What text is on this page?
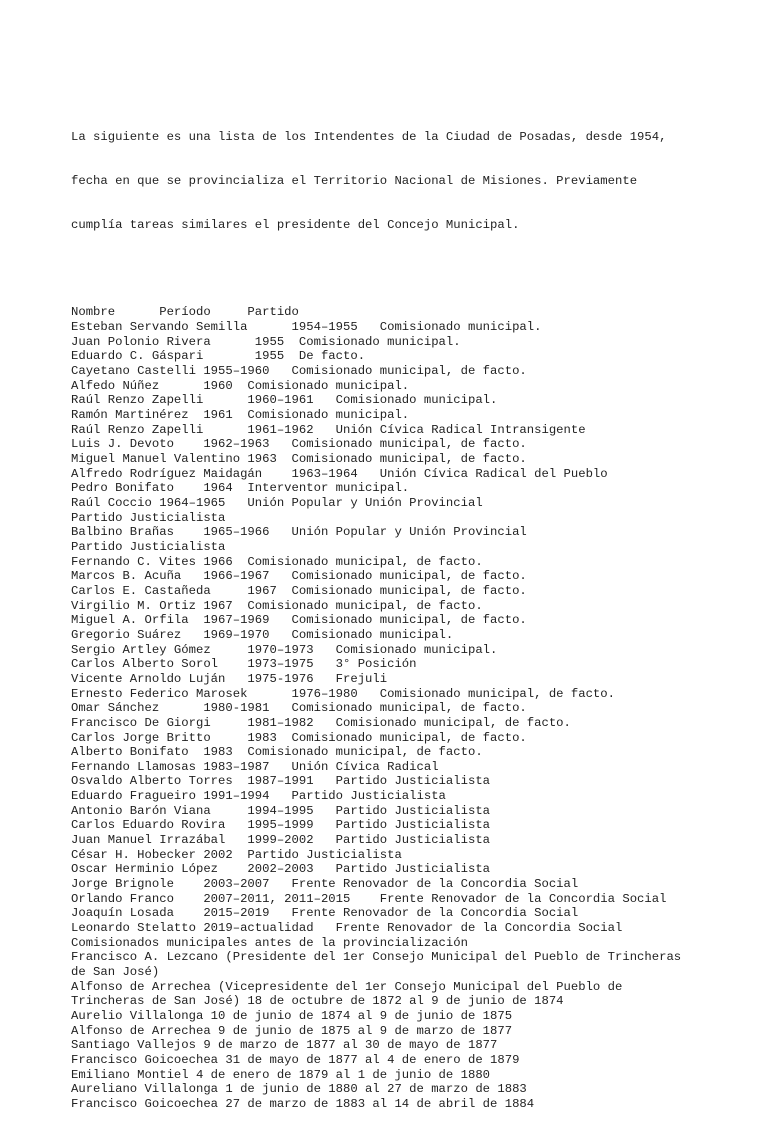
La siguiente es una lista de los Intendentes de la Ciudad de Posadas, desde 1954,

fecha en que se provincializa el Territorio Nacional de Misiones. Previamente

cumplía tareas similares el presidente del Concejo Municipal.

Nombre      Período     Partido
Esteban Servando Semilla      1954–1955   Comisionado municipal.
Juan Polonio Rivera      1955  Comisionado municipal.
Eduardo C. Gáspari       1955  De facto.
Cayetano Castelli 1955–1960   Comisionado municipal, de facto.
Alfedo Núñez      1960  Comisionado municipal.
Raúl Renzo Zapelli      1960–1961   Comisionado municipal.
Ramón Martinérez  1961  Comisionado municipal.
Raúl Renzo Zapelli      1961–1962   Unión Cívica Radical Intransigente
Luis J. Devoto    1962–1963   Comisionado municipal, de facto.
Miguel Manuel Valentino 1963  Comisionado municipal, de facto.
Alfredo Rodríguez Maidagán    1963–1964   Unión Cívica Radical del Pueblo
Pedro Bonifato    1964  Interventor municipal.
Raúl Coccio 1964–1965   Unión Popular y Unión Provincial
Partido Justicialista
Balbino Brañas    1965–1966   Unión Popular y Unión Provincial
Partido Justicialista
Fernando C. Vites 1966  Comisionado municipal, de facto.
Marcos B. Acuña   1966–1967   Comisionado municipal, de facto.
Carlos E. Castañeda     1967  Comisionado municipal, de facto.
Virgilio M. Ortiz 1967  Comisionado municipal, de facto.
Miguel A. Orfila  1967–1969   Comisionado municipal, de facto.
Gregorio Suárez   1969–1970   Comisionado municipal.
Sergio Artley Gómez     1970–1973   Comisionado municipal.
Carlos Alberto Sorol    1973–1975   3° Posición
Vicente Arnoldo Luján   1975-1976   Frejuli
Ernesto Federico Marosek      1976–1980   Comisionado municipal, de facto.
Omar Sánchez      1980-1981   Comisionado municipal, de facto.
Francisco De Giorgi     1981–1982   Comisionado municipal, de facto.
Carlos Jorge Britto     1983  Comisionado municipal, de facto.
Alberto Bonifato  1983  Comisionado municipal, de facto.
Fernando Llamosas 1983–1987   Unión Cívica Radical
Osvaldo Alberto Torres  1987–1991   Partido Justicialista
Eduardo Fragueiro 1991–1994   Partido Justicialista
Antonio Barón Viana     1994–1995   Partido Justicialista
Carlos Eduardo Rovira   1995–1999   Partido Justicialista
Juan Manuel Irrazábal   1999–2002   Partido Justicialista
César H. Hobecker 2002  Partido Justicialista
Oscar Herminio López    2002–2003   Partido Justicialista
Jorge Brignole    2003–2007   Frente Renovador de la Concordia Social
Orlando Franco    2007–2011, 2011–2015    Frente Renovador de la Concordia Social
Joaquín Losada    2015–2019   Frente Renovador de la Concordia Social
Leonardo Stelatto 2019–actualidad   Frente Renovador de la Concordia Social
Comisionados municipales antes de la provincialización
Francisco A. Lezcano (Presidente del 1er Consejo Municipal del Pueblo de Trincheras
de San José)
Alfonso de Arrechea (Vicepresidente del 1er Consejo Municipal del Pueblo de
Trincheras de San José) 18 de octubre de 1872 al 9 de junio de 1874
Aurelio Villalonga 10 de junio de 1874 al 9 de junio de 1875
Alfonso de Arrechea 9 de junio de 1875 al 9 de marzo de 1877
Santiago Vallejos 9 de marzo de 1877 al 30 de mayo de 1877
Francisco Goicoechea 31 de mayo de 1877 al 4 de enero de 1879
Emiliano Montiel 4 de enero de 1879 al 1 de junio de 1880
Aureliano Villalonga 1 de junio de 1880 al 27 de marzo de 1883
Francisco Goicoechea 27 de marzo de 1883 al 14 de abril de 1884
